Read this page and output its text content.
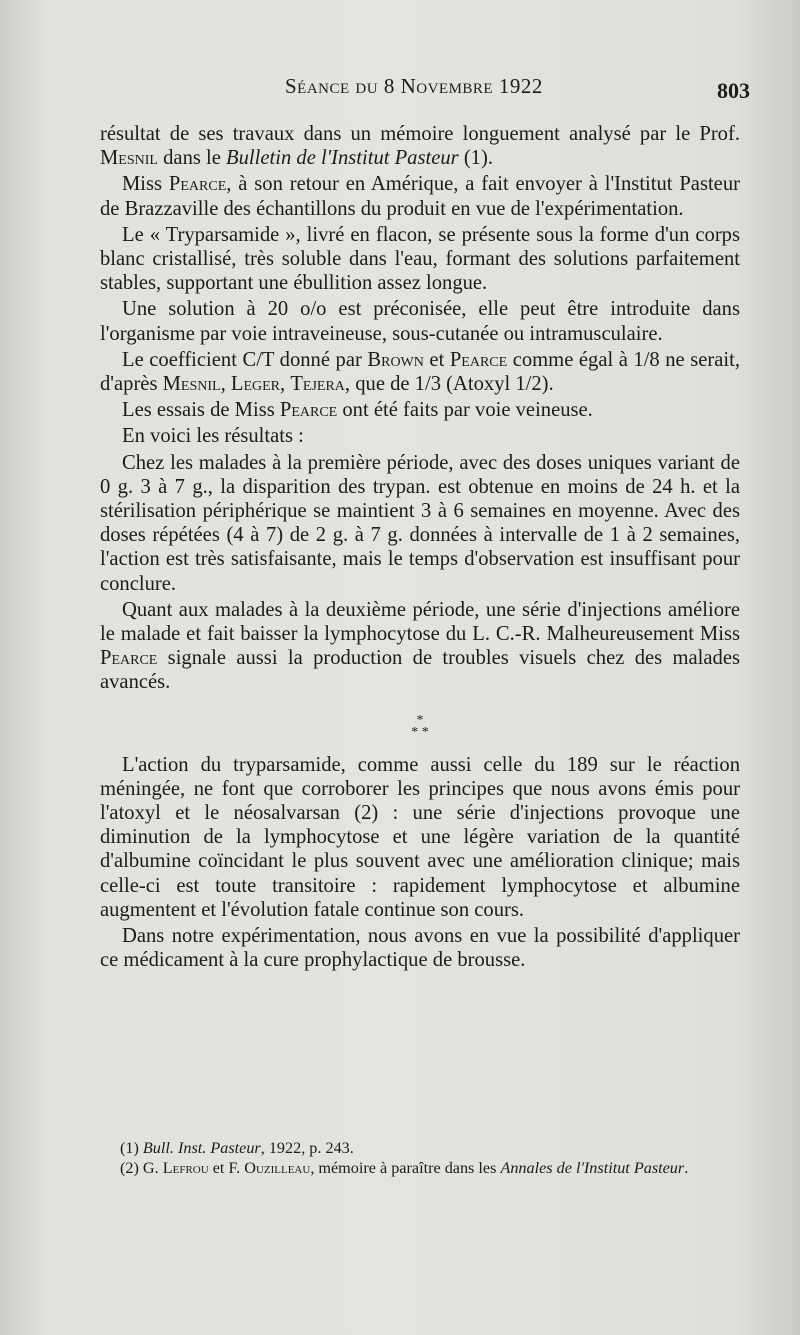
Séance du 8 Novembre 1922	803

résultat de ses travaux dans un mémoire longuement analysé par le Prof. Mesnil dans le Bulletin de l'Institut Pasteur (1).

Miss Pearce, à son retour en Amérique, a fait envoyer à l'Institut Pasteur de Brazzaville des échantillons du produit en vue de l'expérimentation.

Le « Tryparsamide », livré en flacon, se présente sous la forme d'un corps blanc cristallisé, très soluble dans l'eau, formant des solutions parfaitement stables, supportant une ébullition assez longue.

Une solution à 20 o/o est préconisée, elle peut être introduite dans l'organisme par voie intraveineuse, sous-cutanée ou intramusculaire.

Le coefficient C/T donné par Brown et Pearce comme égal à 1/8 ne serait, d'après Mesnil, Leger, Tejera, que de 1/3 (Atoxyl 1/2).

Les essais de Miss Pearce ont été faits par voie veineuse.

En voici les résultats :

Chez les malades à la première période, avec des doses uniques variant de 0 g. 3 à 7 g., la disparition des trypan. est obtenue en moins de 24 h. et la stérilisation périphérique se maintient 3 à 6 semaines en moyenne. Avec des doses répétées (4 à 7) de 2 g. à 7 g. données à intervalle de 1 à 2 semaines, l'action est très satisfaisante, mais le temps d'observation est insuffisant pour conclure.

Quant aux malades à la deuxième période, une série d'injections améliore le malade et fait baisser la lymphocytose du L. C.-R. Malheureusement Miss Pearce signale aussi la production de troubles visuels chez des malades avancés.

*
* *

L'action du tryparsamide, comme aussi celle du 189 sur le réaction méningée, ne font que corroborer les principes que nous avons émis pour l'atoxyl et le néosalvarsan (2) : une série d'injections provoque une diminution de la lymphocytose et une légère variation de la quantité d'albumine coïncidant le plus souvent avec une amélioration clinique; mais celle-ci est toute transitoire : rapidement lymphocytose et albumine augmentent et l'évolution fatale continue son cours.

Dans notre expérimentation, nous avons en vue la possibilité d'appliquer ce médicament à la cure prophylactique de brousse.

(1) Bull. Inst. Pasteur, 1922, p. 243.

(2) G. Lefrou et F. Ouzilleau, mémoire à paraître dans les Annales de l'Institut Pasteur.
